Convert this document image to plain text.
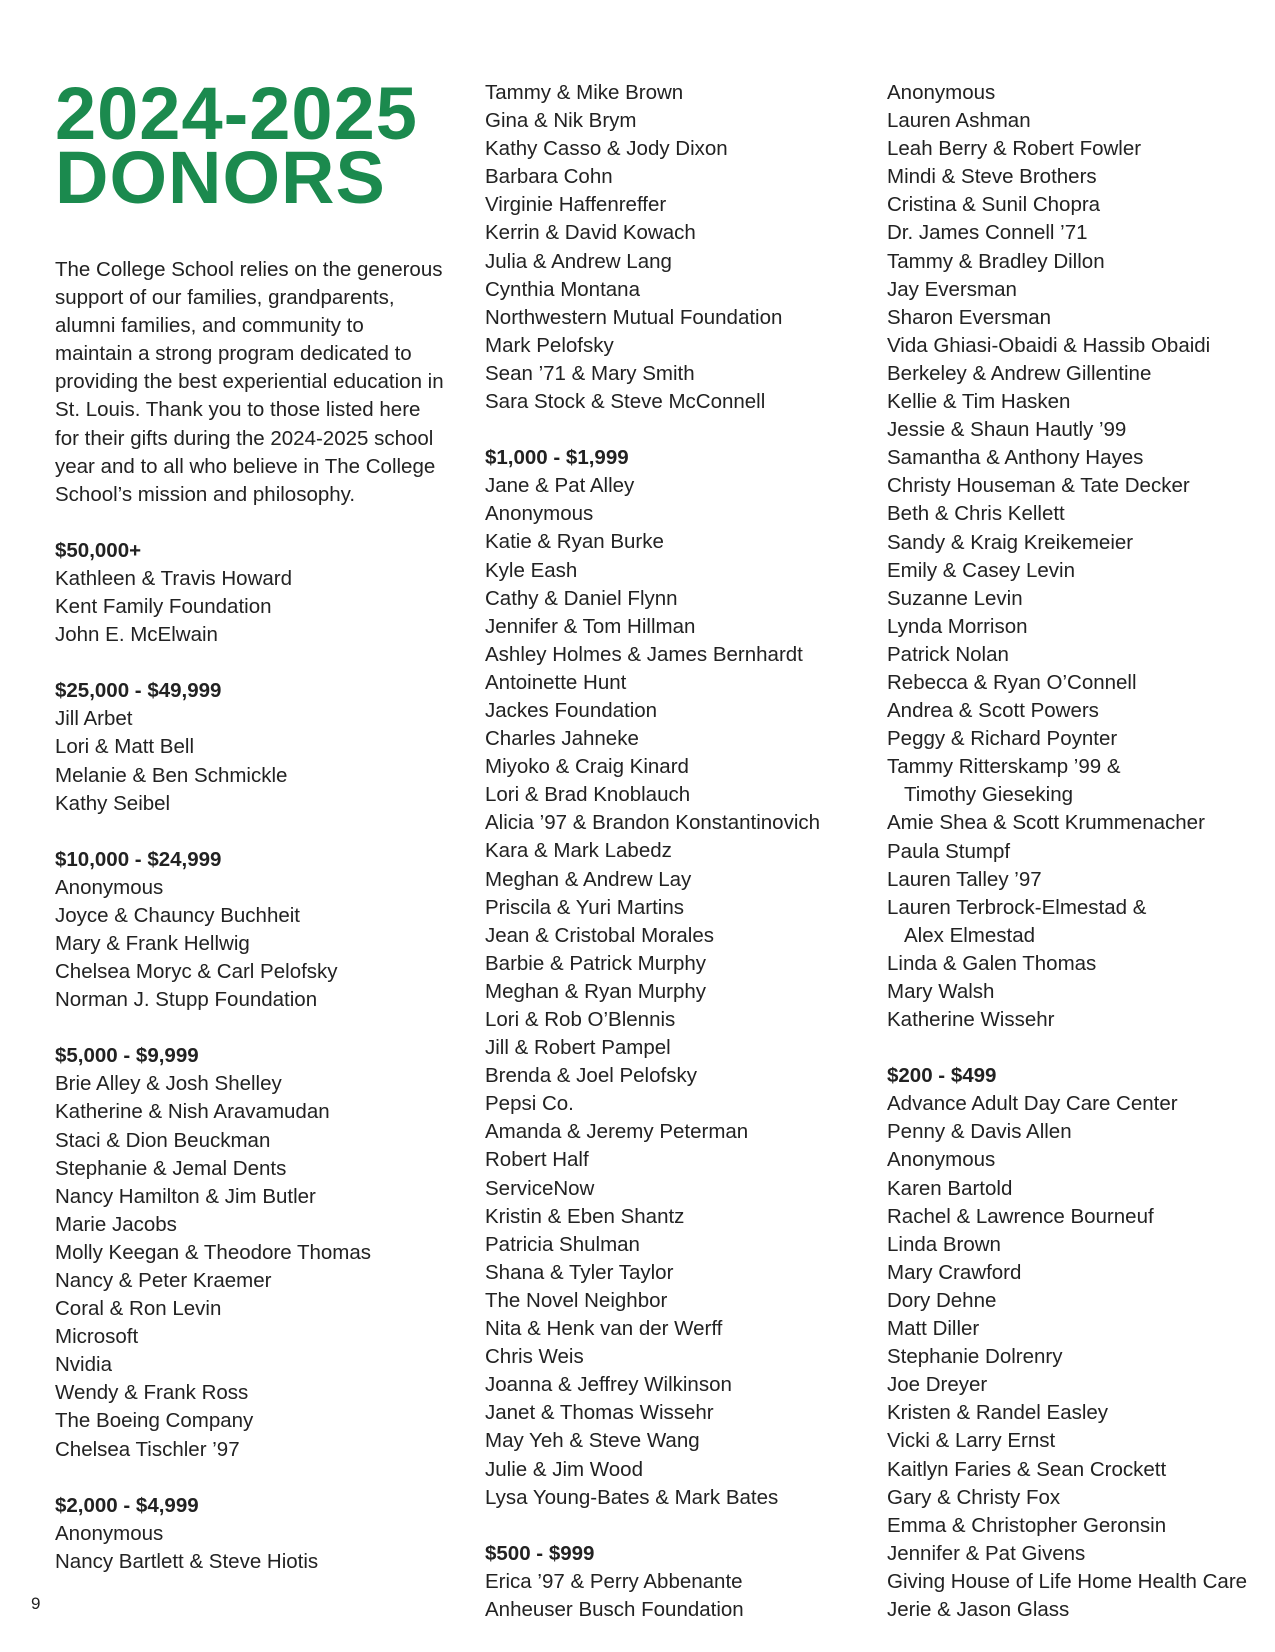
2024-2025
DONORS

The College School relies on the generous support of our families, grandparents, alumni families, and community to maintain a strong program dedicated to providing the best experiential education in St. Louis. Thank you to those listed here for their gifts during the 2024-2025 school year and to all who believe in The College School’s mission and philosophy.

$50,000+
Kathleen & Travis Howard
Kent Family Foundation
John E. McElwain
$25,000 - $49,999
Jill Arbet
Lori & Matt Bell
Melanie & Ben Schmickle
Kathy Seibel
$10,000 - $24,999
Anonymous
Joyce & Chauncy Buchheit
Mary & Frank Hellwig
Chelsea Moryc & Carl Pelofsky
Norman J. Stupp Foundation
$5,000 - $9,999
Brie Alley & Josh Shelley
Katherine & Nish Aravamudan
Staci & Dion Beuckman
Stephanie & Jemal Dents
Nancy Hamilton & Jim Butler
Marie Jacobs
Molly Keegan & Theodore Thomas
Nancy & Peter Kraemer
Coral & Ron Levin
Microsoft
Nvidia
Wendy & Frank Ross
The Boeing Company
Chelsea Tischler ’97
$2,000 - $4,999
Anonymous
Nancy Bartlett & Steve Hiotis
Tammy & Mike Brown
Gina & Nik Brym
Kathy Casso & Jody Dixon
Barbara Cohn
Virginie Haffenreffer
Kerrin & David Kowach
Julia & Andrew Lang
Cynthia Montana
Northwestern Mutual Foundation
Mark Pelofsky
Sean ’71 & Mary Smith
Sara Stock & Steve McConnell
$1,000 - $1,999
Jane & Pat Alley
Anonymous
Katie & Ryan Burke
Kyle Eash
Cathy & Daniel Flynn
Jennifer & Tom Hillman
Ashley Holmes & James Bernhardt
Antoinette Hunt
Jackes Foundation
Charles Jahneke
Miyoko & Craig Kinard
Lori & Brad Knoblauch
Alicia ’97 & Brandon Konstantinovich
Kara & Mark Labedz
Meghan & Andrew Lay
Priscila & Yuri Martins
Jean & Cristobal Morales
Barbie & Patrick Murphy
Meghan & Ryan Murphy
Lori & Rob O’Blennis
Jill & Robert Pampel
Brenda & Joel Pelofsky
Pepsi Co.
Amanda & Jeremy Peterman
Robert Half
ServiceNow
Kristin & Eben Shantz
Patricia Shulman
Shana & Tyler Taylor
The Novel Neighbor
Nita & Henk van der Werff
Chris Weis
Joanna & Jeffrey Wilkinson
Janet & Thomas Wissehr
May Yeh & Steve Wang
Julie & Jim Wood
Lysa Young-Bates & Mark Bates
$500 - $999
Erica ’97 & Perry Abbenante
Anheuser Busch Foundation
Anonymous
Lauren Ashman
Leah Berry & Robert Fowler
Mindi & Steve Brothers
Cristina & Sunil Chopra
Dr. James Connell ’71
Tammy & Bradley Dillon
Jay Eversman
Sharon Eversman
Vida Ghiasi-Obaidi & Hassib Obaidi
Berkeley & Andrew Gillentine
Kellie & Tim Hasken
Jessie & Shaun Hautly ’99
Samantha & Anthony Hayes
Christy Houseman & Tate Decker
Beth & Chris Kellett
Sandy & Kraig Kreikemeier
Emily & Casey Levin
Suzanne Levin
Lynda Morrison
Patrick Nolan
Rebecca & Ryan O’Connell
Andrea & Scott Powers
Peggy & Richard Poynter
Tammy Ritterskamp ’99 &
Timothy Gieseking
Amie Shea & Scott Krummenacher
Paula Stumpf
Lauren Talley ’97
Lauren Terbrock-Elmestad &
Alex Elmestad
Linda & Galen Thomas
Mary Walsh
Katherine Wissehr
$200 - $499
Advance Adult Day Care Center
Penny & Davis Allen
Anonymous
Karen Bartold
Rachel & Lawrence Bourneuf
Linda Brown
Mary Crawford
Dory Dehne
Matt Diller
Stephanie Dolrenry
Joe Dreyer
Kristen & Randel Easley
Vicki & Larry Ernst
Kaitlyn Faries & Sean Crockett
Gary & Christy Fox
Emma & Christopher Geronsin
Jennifer & Pat Givens
Giving House of Life Home Health Care
Jerie & Jason Glass
9
